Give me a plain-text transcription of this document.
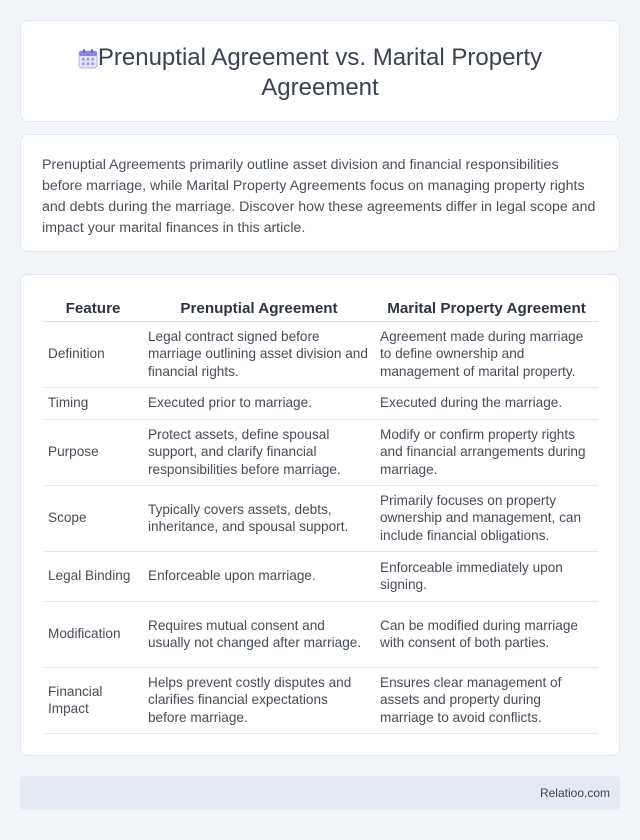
Prenuptial Agreement vs. Marital Property Agreement

Prenuptial Agreements primarily outline asset division and financial responsibilities before marriage, while Marital Property Agreements focus on managing property rights and debts during the marriage. Discover how these agreements differ in legal scope and impact your marital finances in this article.

Feature	Prenuptial Agreement	Marital Property Agreement
Definition	Legal contract signed before marriage outlining asset division and financial rights.	Agreement made during marriage to define ownership and management of marital property.
Timing	Executed prior to marriage.	Executed during the marriage.
Purpose	Protect assets, define spousal support, and clarify financial responsibilities before marriage.	Modify or confirm property rights and financial arrangements during marriage.
Scope	Typically covers assets, debts, inheritance, and spousal support.	Primarily focuses on property ownership and management, can include financial obligations.
Legal Binding	Enforceable upon marriage.	Enforceable immediately upon signing.
Modification	Requires mutual consent and usually not changed after marriage.	Can be modified during marriage with consent of both parties.
Financial Impact	Helps prevent costly disputes and clarifies financial expectations before marriage.	Ensures clear management of assets and property during marriage to avoid conflicts.
Relatioo.com
